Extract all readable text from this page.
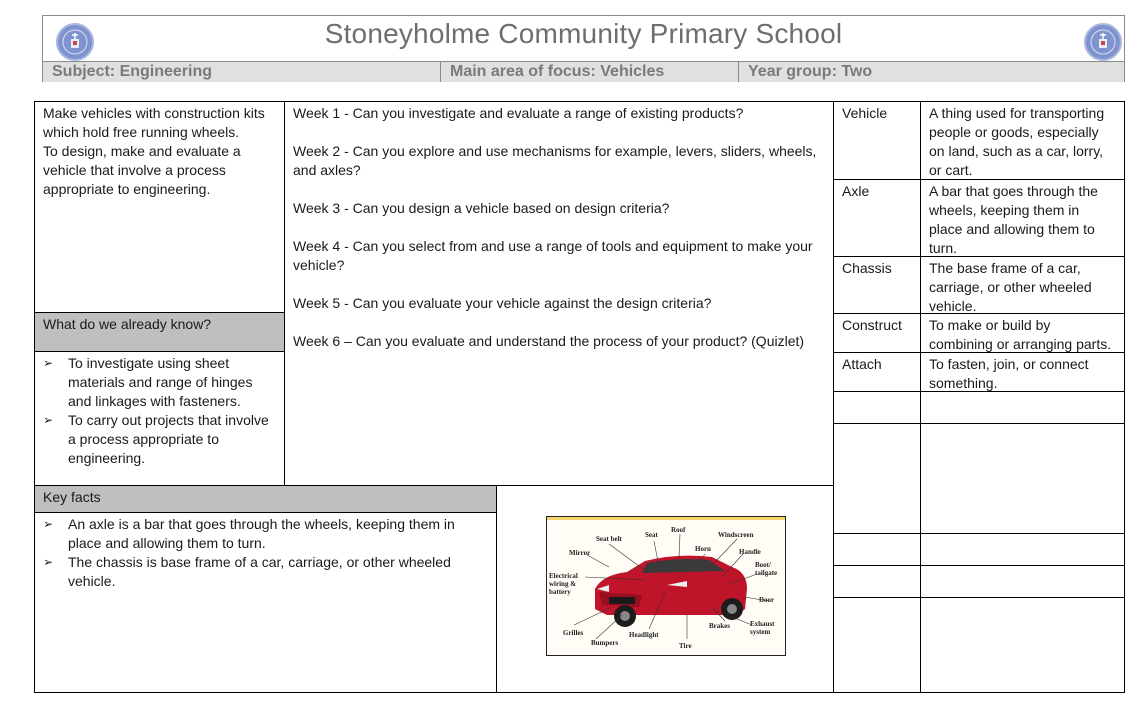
Stoneyholme Community Primary School
Subject: Engineering	Main area of focus: Vehicles	Year group: Two
Make vehicles with construction kits which hold free running wheels.
To design, make and evaluate a vehicle that involve a process appropriate to engineering.
What do we already know?
➢ To investigate using sheet materials and range of hinges and linkages with fasteners.
➢ To carry out projects that involve a process appropriate to engineering.

Week 1 - Can you investigate and evaluate a range of existing products?

Week 2 - Can you explore and use mechanisms for example, levers, sliders, wheels, and axles?

Week 3 - Can you design a vehicle based on design criteria?

Week 4 - Can you select from and use a range of tools and equipment to make your vehicle?

Week 5 - Can you evaluate your vehicle against the design criteria?

Week 6 – Can you evaluate and understand the process of your product? (Quizlet)

Key facts
➢ An axle is a bar that goes through the wheels, keeping them in place and allowing them to turn.
➢ The chassis is base frame of a car, carriage, or other wheeled vehicle.
Seat belt	Seat
Roof
Windscreen
Horn	Handle
Mirror
Boot/ tailgate
Electrical wiring & battery
Door
Grilles	Headlight
Brakes	Exhaust system
Bumpers	Tire
Vehicle	A thing used for transporting people or goods, especially on land, such as a car, lorry, or cart.
Axle	A bar that goes through the wheels, keeping them in place and allowing them to turn.
Chassis	The base frame of a car, carriage, or other wheeled vehicle.
Construct	To make or build by combining or arranging parts.
Attach	To fasten, join, or connect something.
